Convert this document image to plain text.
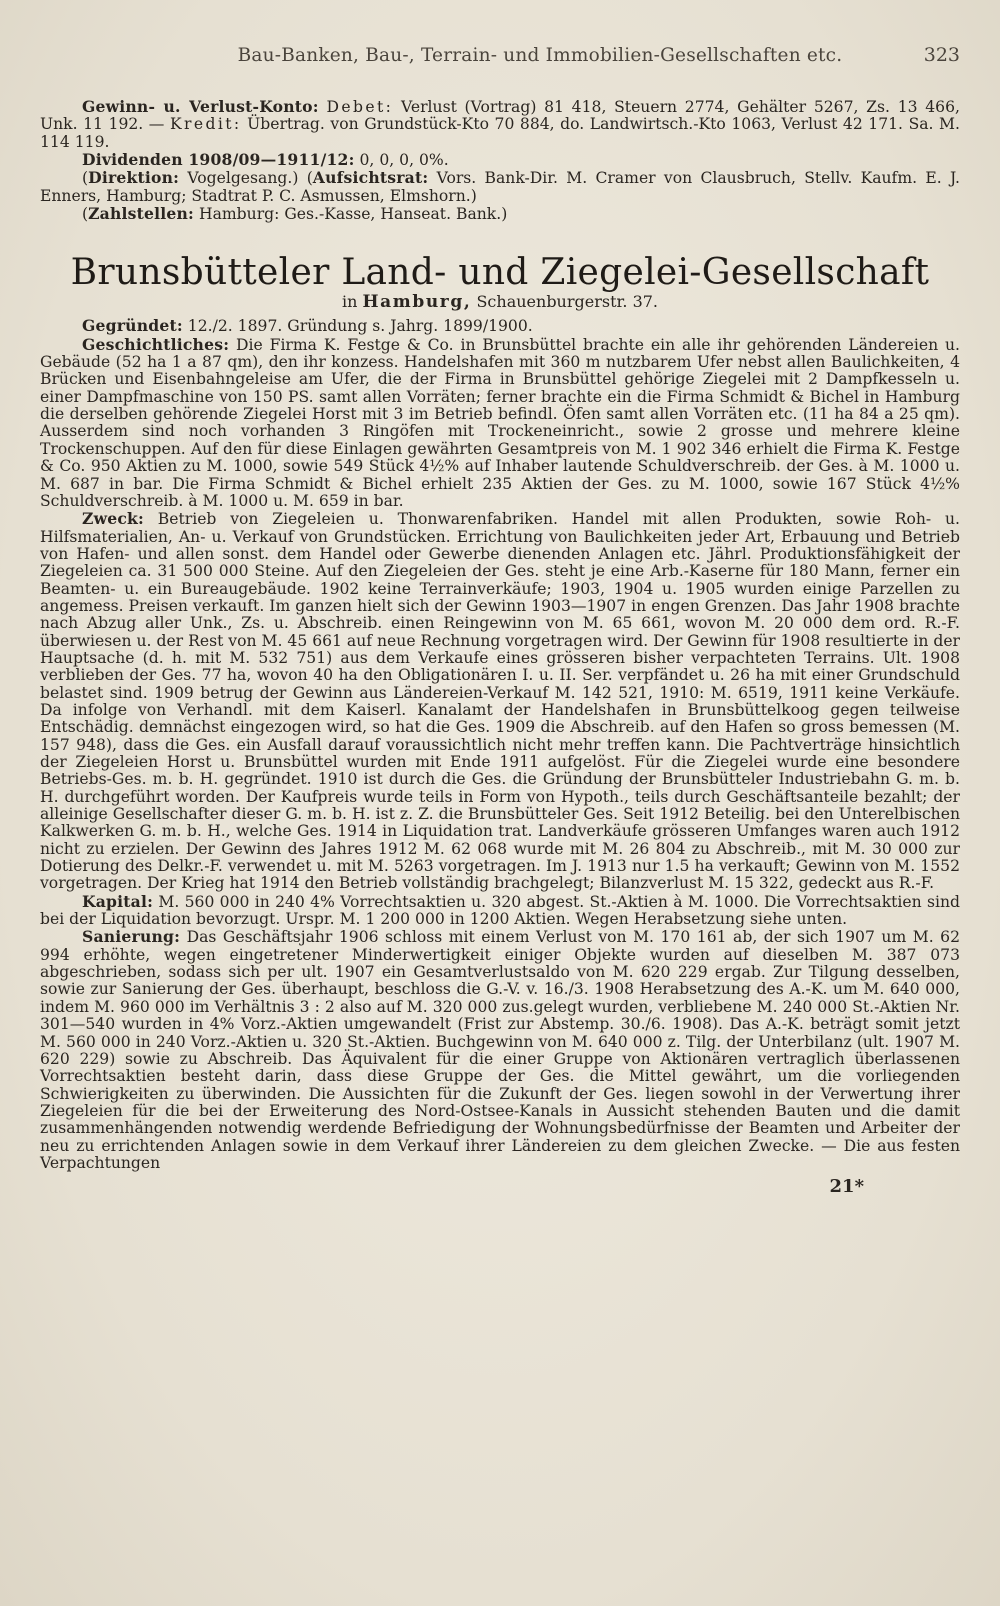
Bau-Banken, Bau-, Terrain- und Immobilien-Gesellschaften etc.	323

Gewinn- u. Verlust-Konto: Debet: Verlust (Vortrag) 81 418, Steuern 2774, Gehälter 5267, Zs. 13 466, Unk. 11 192. — Kredit: Übertrag. von Grundstück-Kto 70 884, do. Landwirtsch.-Kto 1063, Verlust 42 171. Sa. M. 114 119.

Dividenden 1908/09—1911/12: 0, 0, 0, 0%.

(Direktion: Vogelgesang.) (Aufsichtsrat: Vors. Bank-Dir. M. Cramer von Clausbruch, Stellv. Kaufm. E. J. Enners, Hamburg; Stadtrat P. C. Asmussen, Elmshorn.)

(Zahlstellen: Hamburg: Ges.-Kasse, Hanseat. Bank.)

Brunsbütteler Land- und Ziegelei-Gesellschaft
in Hamburg, Schauenburgerstr. 37.

Gegründet: 12./2. 1897. Gründung s. Jahrg. 1899/1900.

Geschichtliches: Die Firma K. Festge & Co. in Brunsbüttel brachte ein alle ihr gehörenden Ländereien u. Gebäude (52 ha 1 a 87 qm), den ihr konzess. Handelshafen mit 360 m nutzbarem Ufer nebst allen Baulichkeiten, 4 Brücken und Eisenbahngeleise am Ufer, die der Firma in Brunsbüttel gehörige Ziegelei mit 2 Dampfkesseln u. einer Dampfmaschine von 150 PS. samt allen Vorräten; ferner brachte ein die Firma Schmidt & Bichel in Hamburg die derselben gehörende Ziegelei Horst mit 3 im Betrieb befindl. Öfen samt allen Vorräten etc. (11 ha 84 a 25 qm). Ausserdem sind noch vorhanden 3 Ringöfen mit Trockeneinricht., sowie 2 grosse und mehrere kleine Trockenschuppen. Auf den für diese Einlagen gewährten Gesamtpreis von M. 1 902 346 erhielt die Firma K. Festge & Co. 950 Aktien zu M. 1000, sowie 549 Stück 4½% auf Inhaber lautende Schuldverschreib. der Ges. à M. 1000 u. M. 687 in bar. Die Firma Schmidt & Bichel erhielt 235 Aktien der Ges. zu M. 1000, sowie 167 Stück 4½% Schuldverschreib. à M. 1000 u. M. 659 in bar.

Zweck: Betrieb von Ziegeleien u. Thonwarenfabriken. Handel mit allen Produkten, sowie Roh- u. Hilfsmaterialien, An- u. Verkauf von Grundstücken. Errichtung von Baulichkeiten jeder Art, Erbauung und Betrieb von Hafen- und allen sonst. dem Handel oder Gewerbe dienenden Anlagen etc. Jährl. Produktionsfähigkeit der Ziegeleien ca. 31 500 000 Steine. Auf den Ziegeleien der Ges. steht je eine Arb.-Kaserne für 180 Mann, ferner ein Beamten- u. ein Bureaugebäude. 1902 keine Terrainverkäufe; 1903, 1904 u. 1905 wurden einige Parzellen zu angemess. Preisen verkauft. Im ganzen hielt sich der Gewinn 1903—1907 in engen Grenzen. Das Jahr 1908 brachte nach Abzug aller Unk., Zs. u. Abschreib. einen Reingewinn von M. 65 661, wovon M. 20 000 dem ord. R.-F. überwiesen u. der Rest von M. 45 661 auf neue Rechnung vorgetragen wird. Der Gewinn für 1908 resultierte in der Hauptsache (d. h. mit M. 532 751) aus dem Verkaufe eines grösseren bisher verpachteten Terrains. Ult. 1908 verblieben der Ges. 77 ha, wovon 40 ha den Obligationären I. u. II. Ser. verpfändet u. 26 ha mit einer Grundschuld belastet sind. 1909 betrug der Gewinn aus Ländereien-Verkauf M. 142 521, 1910: M. 6519, 1911 keine Verkäufe. Da infolge von Verhandl. mit dem Kaiserl. Kanalamt der Handelshafen in Brunsbüttelkoog gegen teilweise Entschädig. demnächst eingezogen wird, so hat die Ges. 1909 die Abschreib. auf den Hafen so gross bemessen (M. 157 948), dass die Ges. ein Ausfall darauf voraussichtlich nicht mehr treffen kann. Die Pachtverträge hinsichtlich der Ziegeleien Horst u. Brunsbüttel wurden mit Ende 1911 aufgelöst. Für die Ziegelei wurde eine besondere Betriebs-Ges. m. b. H. gegründet. 1910 ist durch die Ges. die Gründung der Brunsbütteler Industriebahn G. m. b. H. durchgeführt worden. Der Kaufpreis wurde teils in Form von Hypoth., teils durch Geschäftsanteile bezahlt; der alleinige Gesellschafter dieser G. m. b. H. ist z. Z. die Brunsbütteler Ges. Seit 1912 Beteilig. bei den Unterelbischen Kalkwerken G. m. b. H., welche Ges. 1914 in Liquidation trat. Landverkäufe grösseren Umfanges waren auch 1912 nicht zu erzielen. Der Gewinn des Jahres 1912 M. 62 068 wurde mit M. 26 804 zu Abschreib., mit M. 30 000 zur Dotierung des Delkr.-F. verwendet u. mit M. 5263 vorgetragen. Im J. 1913 nur 1.5 ha verkauft; Gewinn von M. 1552 vorgetragen. Der Krieg hat 1914 den Betrieb vollständig brachgelegt; Bilanzverlust M. 15 322, gedeckt aus R.-F.

Kapital: M. 560 000 in 240 4% Vorrechtsaktien u. 320 abgest. St.-Aktien à M. 1000. Die Vorrechtsaktien sind bei der Liquidation bevorzugt. Urspr. M. 1 200 000 in 1200 Aktien. Wegen Herabsetzung siehe unten.

Sanierung: Das Geschäftsjahr 1906 schloss mit einem Verlust von M. 170 161 ab, der sich 1907 um M. 62 994 erhöhte, wegen eingetretener Minderwertigkeit einiger Objekte wurden auf dieselben M. 387 073 abgeschrieben, sodass sich per ult. 1907 ein Gesamtverlustsaldo von M. 620 229 ergab. Zur Tilgung desselben, sowie zur Sanierung der Ges. überhaupt, beschloss die G.-V. v. 16./3. 1908 Herabsetzung des A.-K. um M. 640 000, indem M. 960 000 im Verhältnis 3 : 2 also auf M. 320 000 zus.gelegt wurden, verbliebene M. 240 000 St.-Aktien Nr. 301—540 wurden in 4% Vorz.-Aktien umgewandelt (Frist zur Abstemp. 30./6. 1908). Das A.-K. beträgt somit jetzt M. 560 000 in 240 Vorz.-Aktien u. 320 St.-Aktien. Buchgewinn von M. 640 000 z. Tilg. der Unterbilanz (ult. 1907 M. 620 229) sowie zu Abschreib. Das Äquivalent für die einer Gruppe von Aktionären vertraglich überlassenen Vorrechtsaktien besteht darin, dass diese Gruppe der Ges. die Mittel gewährt, um die vorliegenden Schwierigkeiten zu überwinden. Die Aussichten für die Zukunft der Ges. liegen sowohl in der Verwertung ihrer Ziegeleien für die bei der Erweiterung des Nord-Ostsee-Kanals in Aussicht stehenden Bauten und die damit zusammenhängenden notwendig werdende Befriedigung der Wohnungsbedürfnisse der Beamten und Arbeiter der neu zu errichtenden Anlagen sowie in dem Verkauf ihrer Ländereien zu dem gleichen Zwecke. — Die aus festen Verpachtungen

21*
